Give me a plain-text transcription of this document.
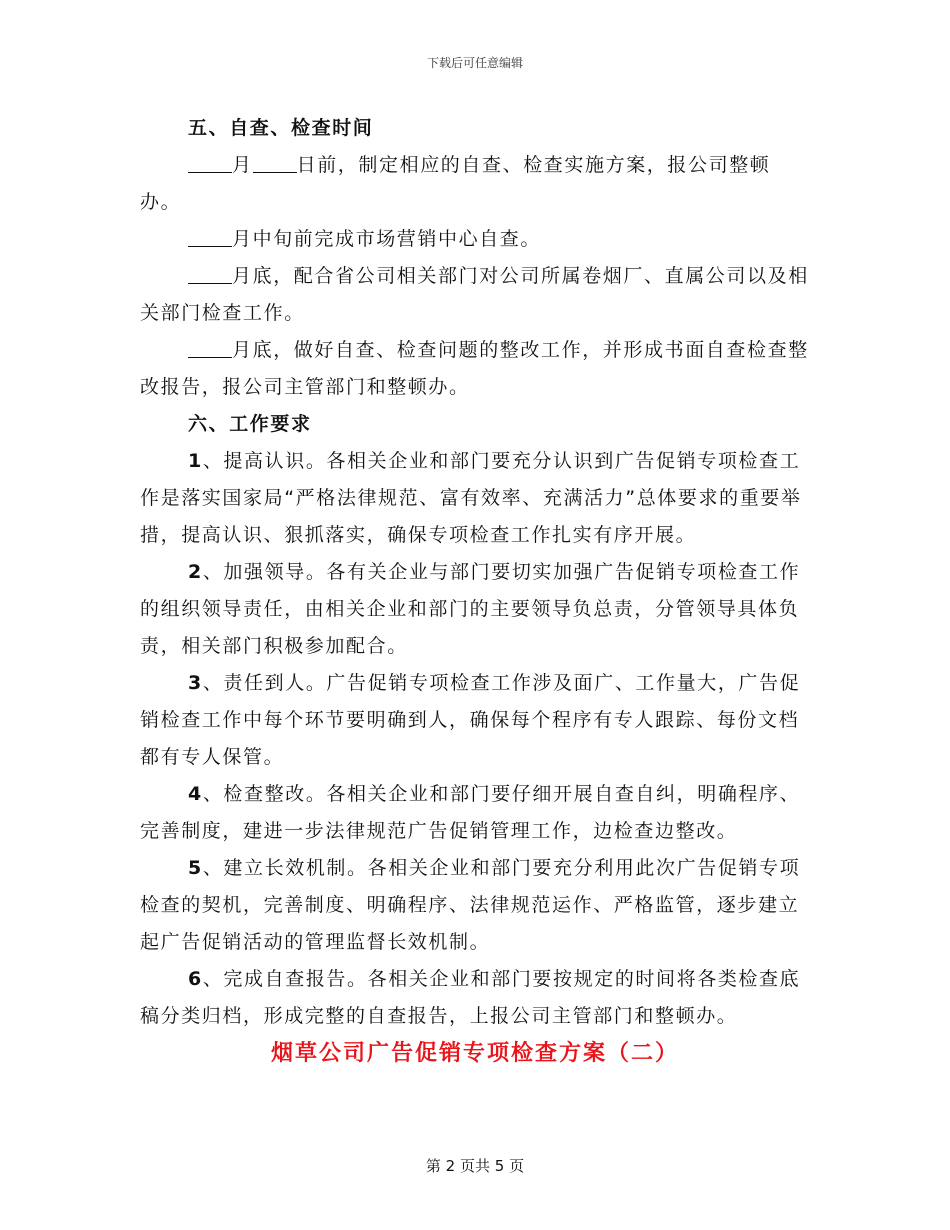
下载后可任意编辑

五、自查、检查时间

月 日前，制定相应的自查、检查实施方案，报公司整顿办。

月中旬前完成市场营销中心自查。

月底，配合省公司相关部门对公司所属卷烟厂、直属公司以及相关部门检查工作。

月底，做好自查、检查问题的整改工作，并形成书面自查检查整改报告，报公司主管部门和整顿办。

六、工作要求

1、提高认识。各相关企业和部门要充分认识到广告促销专项检查工作是落实国家局“严格法律规范、富有效率、充满活力”总体要求的重要举措，提高认识、狠抓落实，确保专项检查工作扎实有序开展。

2、加强领导。各有关企业与部门要切实加强广告促销专项检查工作的组织领导责任，由相关企业和部门的主要领导负总责，分管领导具体负责，相关部门积极参加配合。

3、责任到人。广告促销专项检查工作涉及面广、工作量大，广告促销检查工作中每个环节要明确到人，确保每个程序有专人跟踪、每份文档都有专人保管。

4、检查整改。各相关企业和部门要仔细开展自查自纠，明确程序、完善制度，建进一步法律规范广告促销管理工作，边检查边整改。

5、建立长效机制。各相关企业和部门要充分利用此次广告促销专项检查的契机，完善制度、明确程序、法律规范运作、严格监管，逐步建立起广告促销活动的管理监督长效机制。

6、完成自查报告。各相关企业和部门要按规定的时间将各类检查底稿分类归档，形成完整的自查报告，上报公司主管部门和整顿办。

烟草公司广告促销专项检查方案（二）
第 2 页共 5 页
